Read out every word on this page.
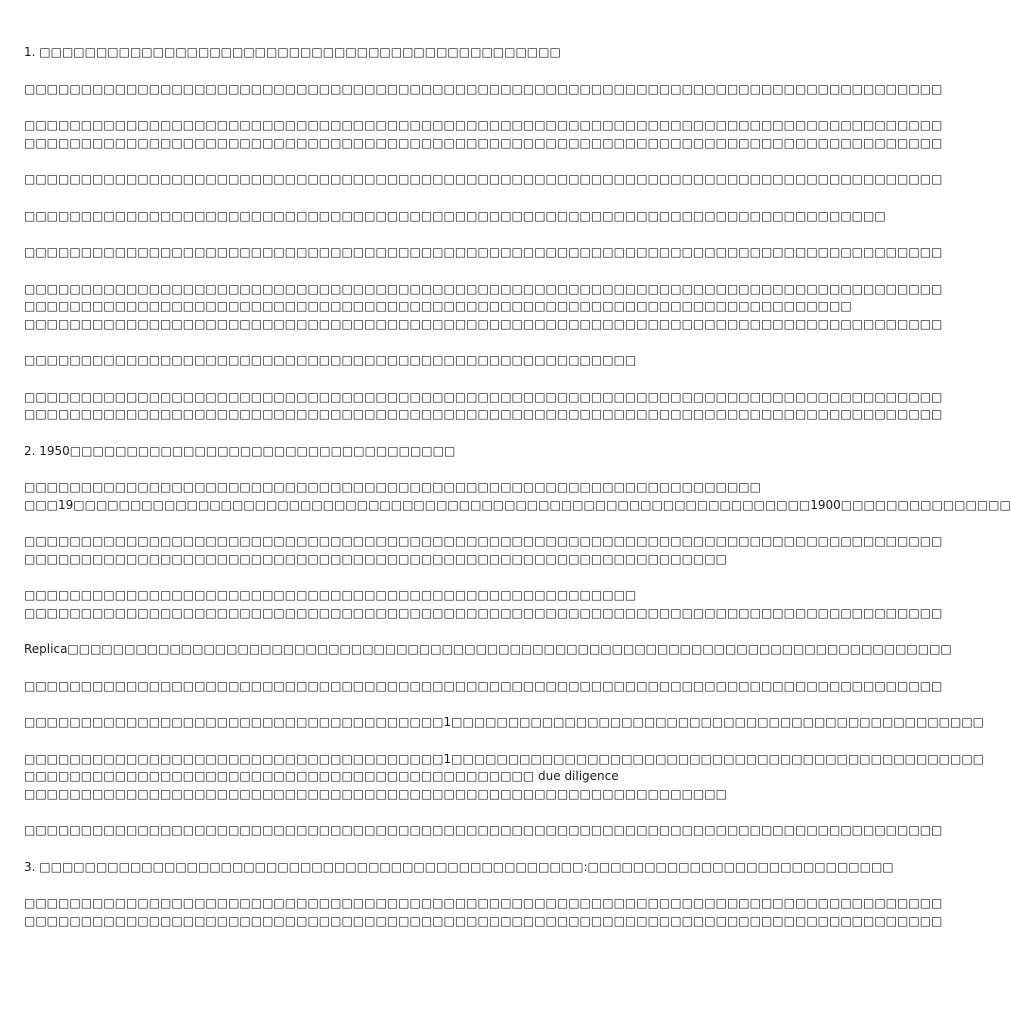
1. □□□□□□□□□□□□□□□□□□□□□□□□□□□□□□□□□□□□□□□□□□□□□□
□□□□□□□□□□□□□□□□□□□□□□□□□□□□□□□□□□□□□□□□□□□□□□□□□□□□□□□□□□□□□□□□□□□□□□□□□□□□□□□□□
□□□□□□□□□□□□□□□□□□□□□□□□□□□□□□□□□□□□□□□□□□□□□□□□□□□□□□□□□□□□□□□□□□□□□□□□□□□□□□□□□
□□□□□□□□□□□□□□□□□□□□□□□□□□□□□□□□□□□□□□□□□□□□□□□□□□□□□□□□□□□□□□□□□□□□□□□□□□□□□□□□□
□□□□□□□□□□□□□□□□□□□□□□□□□□□□□□□□□□□□□□□□□□□□□□□□□□□□□□□□□□□□□□□□□□□□□□□□□□□□□□□□□
□□□□□□□□□□□□□□□□□□□□□□□□□□□□□□□□□□□□□□□□□□□□□□□□□□□□□□□□□□□□□□□□□□□□□□□□□□□□
□□□□□□□□□□□□□□□□□□□□□□□□□□□□□□□□□□□□□□□□□□□□□□□□□□□□□□□□□□□□□□□□□□□□□□□□□□□□□□□□□
□□□□□□□□□□□□□□□□□□□□□□□□□□□□□□□□□□□□□□□□□□□□□□□□□□□□□□□□□□□□□□□□□□□□□□□□□□□□□□□□□
□□□□□□□□□□□□□□□□□□□□□□□□□□□□□□□□□□□□□□□□□□□□□□□□□□□□□□□□□□□□□□□□□□□□□□□□□
□□□□□□□□□□□□□□□□□□□□□□□□□□□□□□□□□□□□□□□□□□□□□□□□□□□□□□□□□□□□□□□□□□□□□□□□□□□□□□□□□
□□□□□□□□□□□□□□□□□□□□□□□□□□□□□□□□□□□□□□□□□□□□□□□□□□□□□□
□□□□□□□□□□□□□□□□□□□□□□□□□□□□□□□□□□□□□□□□□□□□□□□□□□□□□□□□□□□□□□□□□□□□□□□□□□□□□□□□□
□□□□□□□□□□□□□□□□□□□□□□□□□□□□□□□□□□□□□□□□□□□□□□□□□□□□□□□□□□□□□□□□□□□□□□□□□□□□□□□□□
2. 1950□□□□□□□□□□□□□□□□□□□□□□□□□□□□□□□□□□
□□□□□□□□□□□□□□□□□□□□□□□□□□□□□□□□□□□□□□□□□□□□□□□□□□□□□□□□□□□□□□□□□
□□□19□□□□□□□□□□□□□□□□□□□□□□□□□□□□□□□□□□□□□□□□□□□□□□□□□□□□□□□□□□□□□□□□□1900□□□□□□□□□□□□□□□
□□□□□□□□□□□□□□□□□□□□□□□□□□□□□□□□□□□□□□□□□□□□□□□□□□□□□□□□□□□□□□□□□□□□□□□□□□□□□□□□□
□□□□□□□□□□□□□□□□□□□□□□□□□□□□□□□□□□□□□□□□□□□□□□□□□□□□□□□□□□□□□□
□□□□□□□□□□□□□□□□□□□□□□□□□□□□□□□□□□□□□□□□□□□□□□□□□□□□□□
□□□□□□□□□□□□□□□□□□□□□□□□□□□□□□□□□□□□□□□□□□□□□□□□□□□□□□□□□□□□□□□□□□□□□□□□□□□□□□□□□
Replica□□□□□□□□□□□□□□□□□□□□□□□□□□□□□□□□□□□□□□□□□□□□□□□□□□□□□□□□□□□□□□□□□□□□□□□□□□□□□□
□□□□□□□□□□□□□□□□□□□□□□□□□□□□□□□□□□□□□□□□□□□□□□□□□□□□□□□□□□□□□□□□□□□□□□□□□□□□□□□□□
□□□□□□□□□□□□□□□□□□□□□□□□□□□□□□□□□□□□□1□□□□□□□□□□□□□□□□□□□□□□□□□□□□□□□□□□□□□□□□□□□□□□□
□□□□□□□□□□□□□□□□□□□□□□□□□□□□□□□□□□□□□1□□□□□□□□□□□□□□□□□□□□□□□□□□□□□□□□□□□□□□□□□□□□□□□
□□□□□□□□□□□□□□□□□□□□□□□□□□□□□□□□□□□□□□□□□□□□□ due diligence
□□□□□□□□□□□□□□□□□□□□□□□□□□□□□□□□□□□□□□□□□□□□□□□□□□□□□□□□□□□□□□
□□□□□□□□□□□□□□□□□□□□□□□□□□□□□□□□□□□□□□□□□□□□□□□□□□□□□□□□□□□□□□□□□□□□□□□□□□□□□□□□□
3. □□□□□□□□□□□□□□□□□□□□□□□□□□□□□□□□□□□□□□□□□□□□□□□□:□□□□□□□□□□□□□□□□□□□□□□□□□□□
□□□□□□□□□□□□□□□□□□□□□□□□□□□□□□□□□□□□□□□□□□□□□□□□□□□□□□□□□□□□□□□□□□□□□□□□□□□□□□□□□
□□□□□□□□□□□□□□□□□□□□□□□□□□□□□□□□□□□□□□□□□□□□□□□□□□□□□□□□□□□□□□□□□□□□□□□□□□□□□□□□□
